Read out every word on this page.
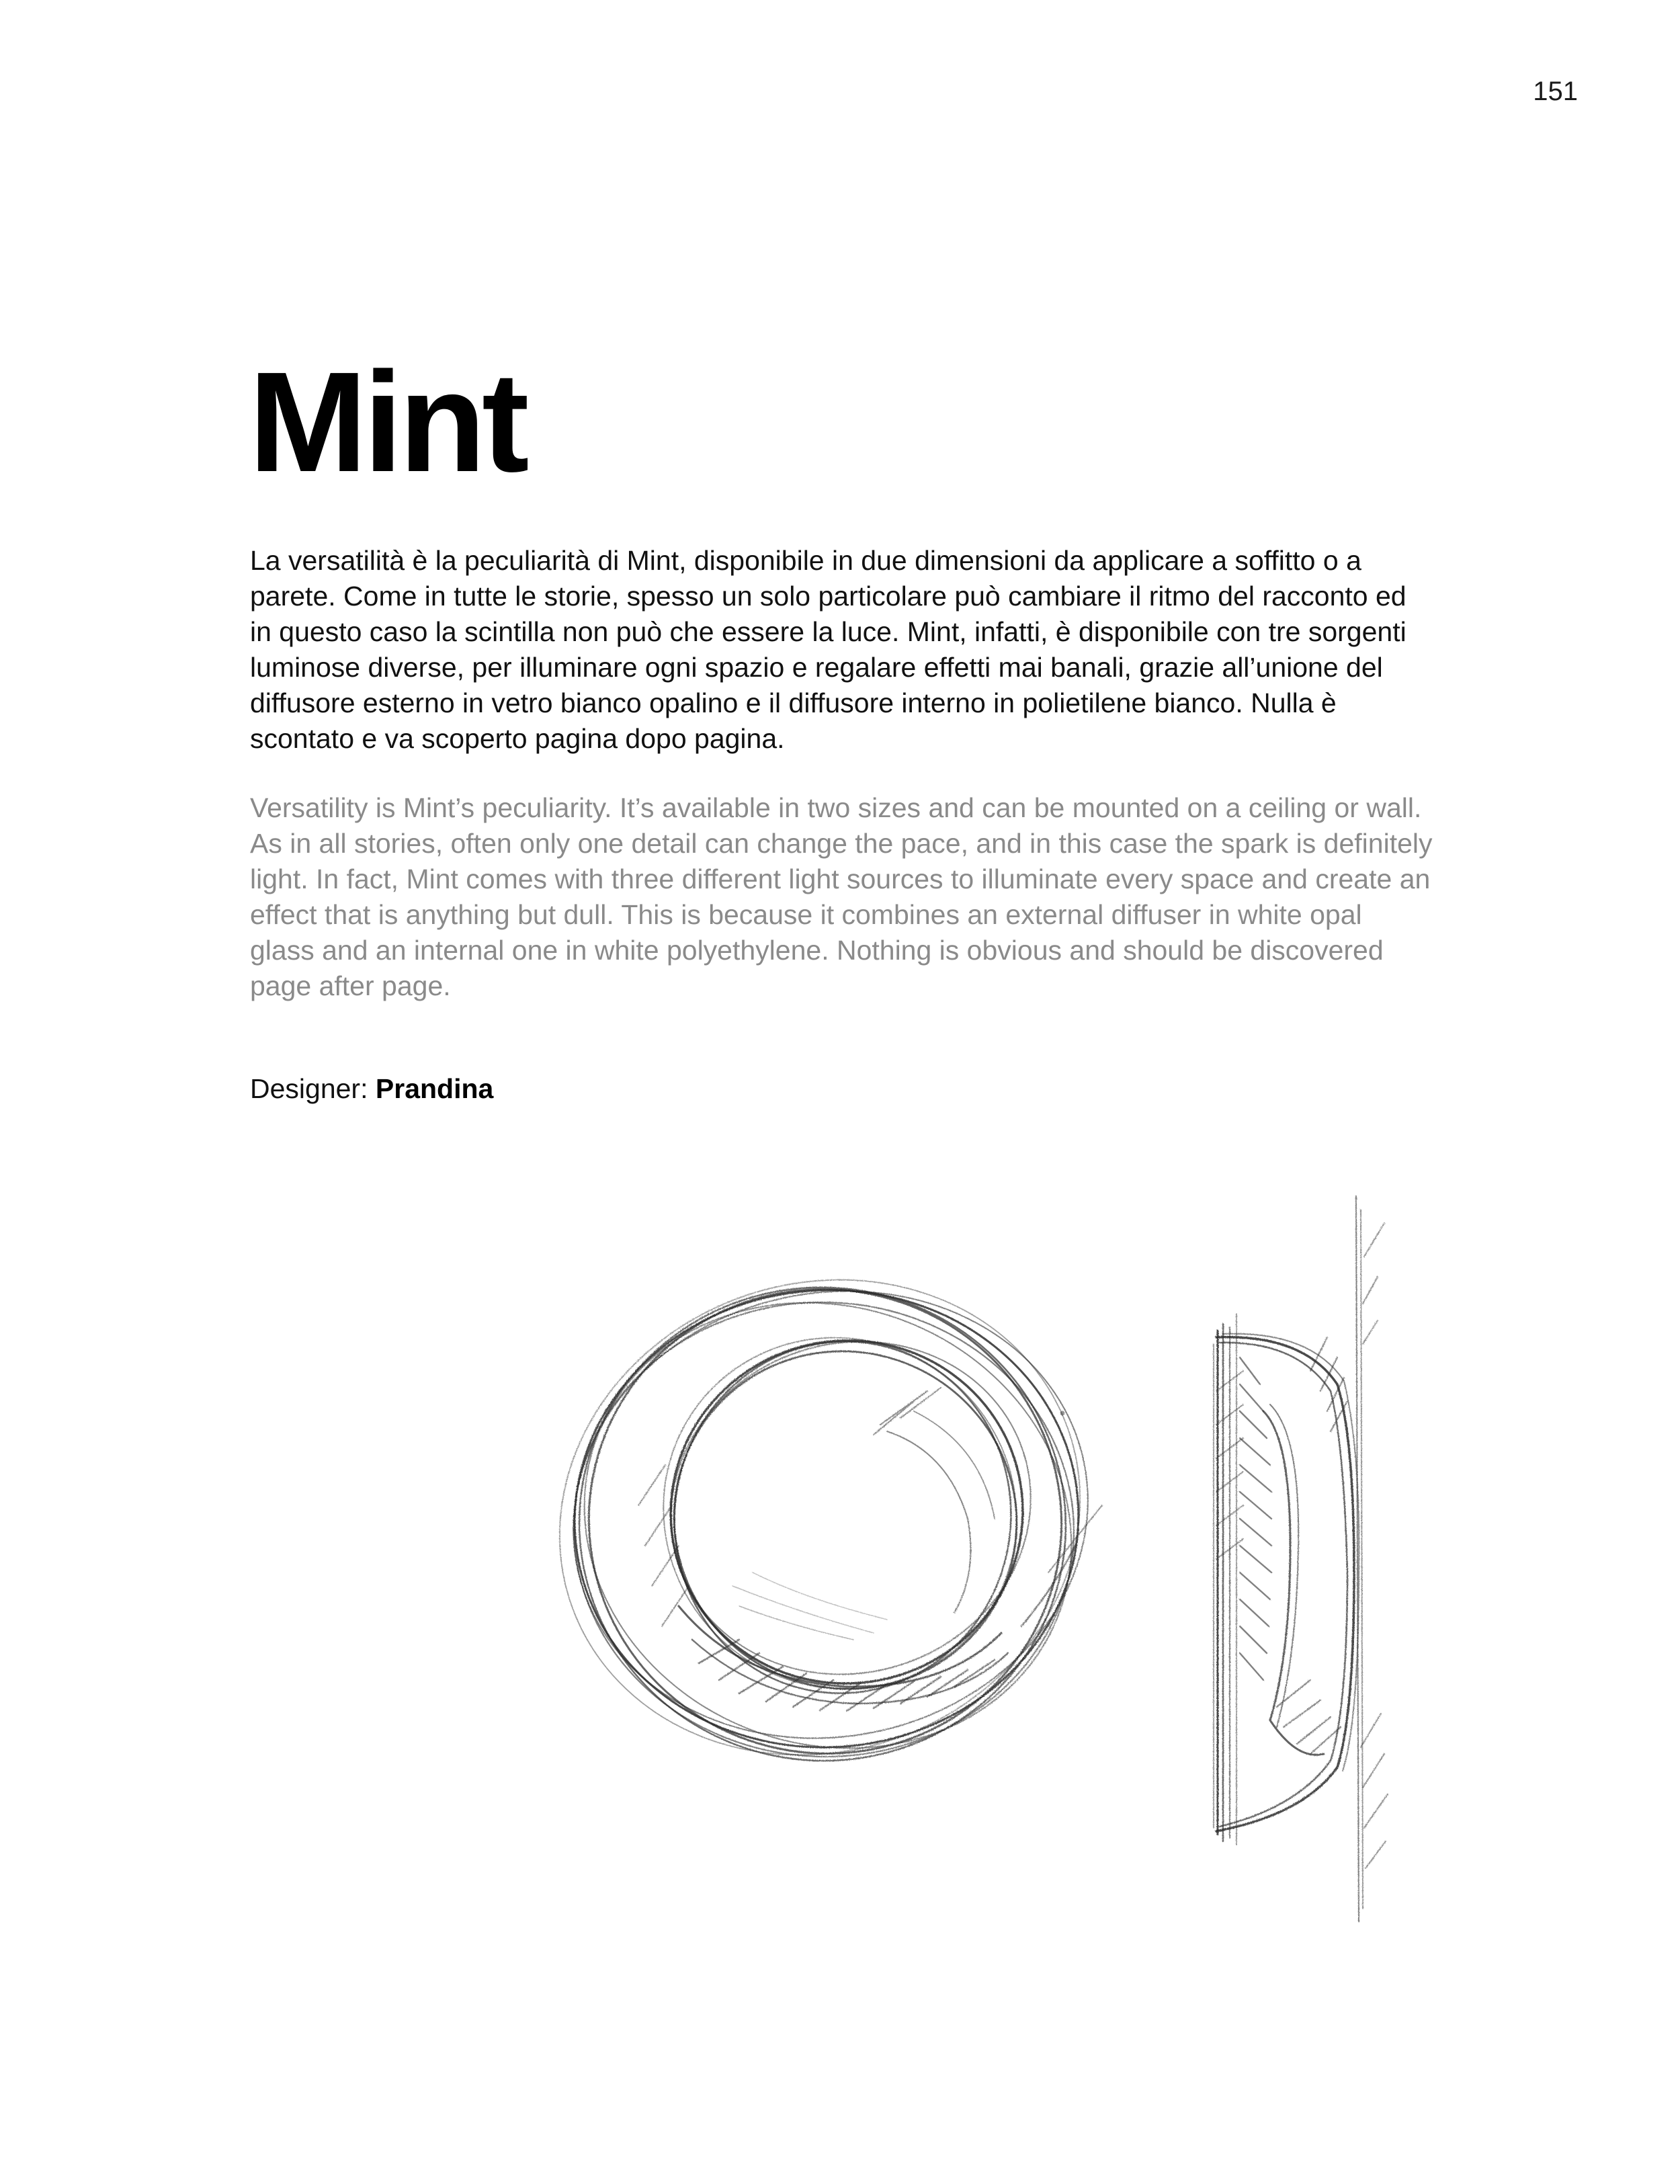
151
Mint

La versatilità è la peculiarità di Mint, disponibile in due dimensioni da applicare a soffitto o a parete. Come in tutte le storie, spesso un solo particolare può cambiare il ritmo del racconto ed in questo caso la scintilla non può che essere la luce. Mint, infatti, è disponibile con tre sorgenti luminose diverse, per illuminare ogni spazio e regalare effetti mai banali, grazie all’unione del diffusore esterno in vetro bianco opalino e il diffusore interno in polietilene bianco. Nulla è scontato e va scoperto pagina dopo pagina.

Versatility is Mint’s peculiarity. It’s available in two sizes and can be mounted on a ceiling or wall. As in all stories, often only one detail can change the pace, and in this case the spark is definitely light. In fact, Mint comes with three different light sources to illuminate every space and create an effect that is anything but dull. This is because it combines an external diffuser in white opal glass and an internal one in white polyethylene. Nothing is obvious and should be discovered page after page.

Designer: Prandina
